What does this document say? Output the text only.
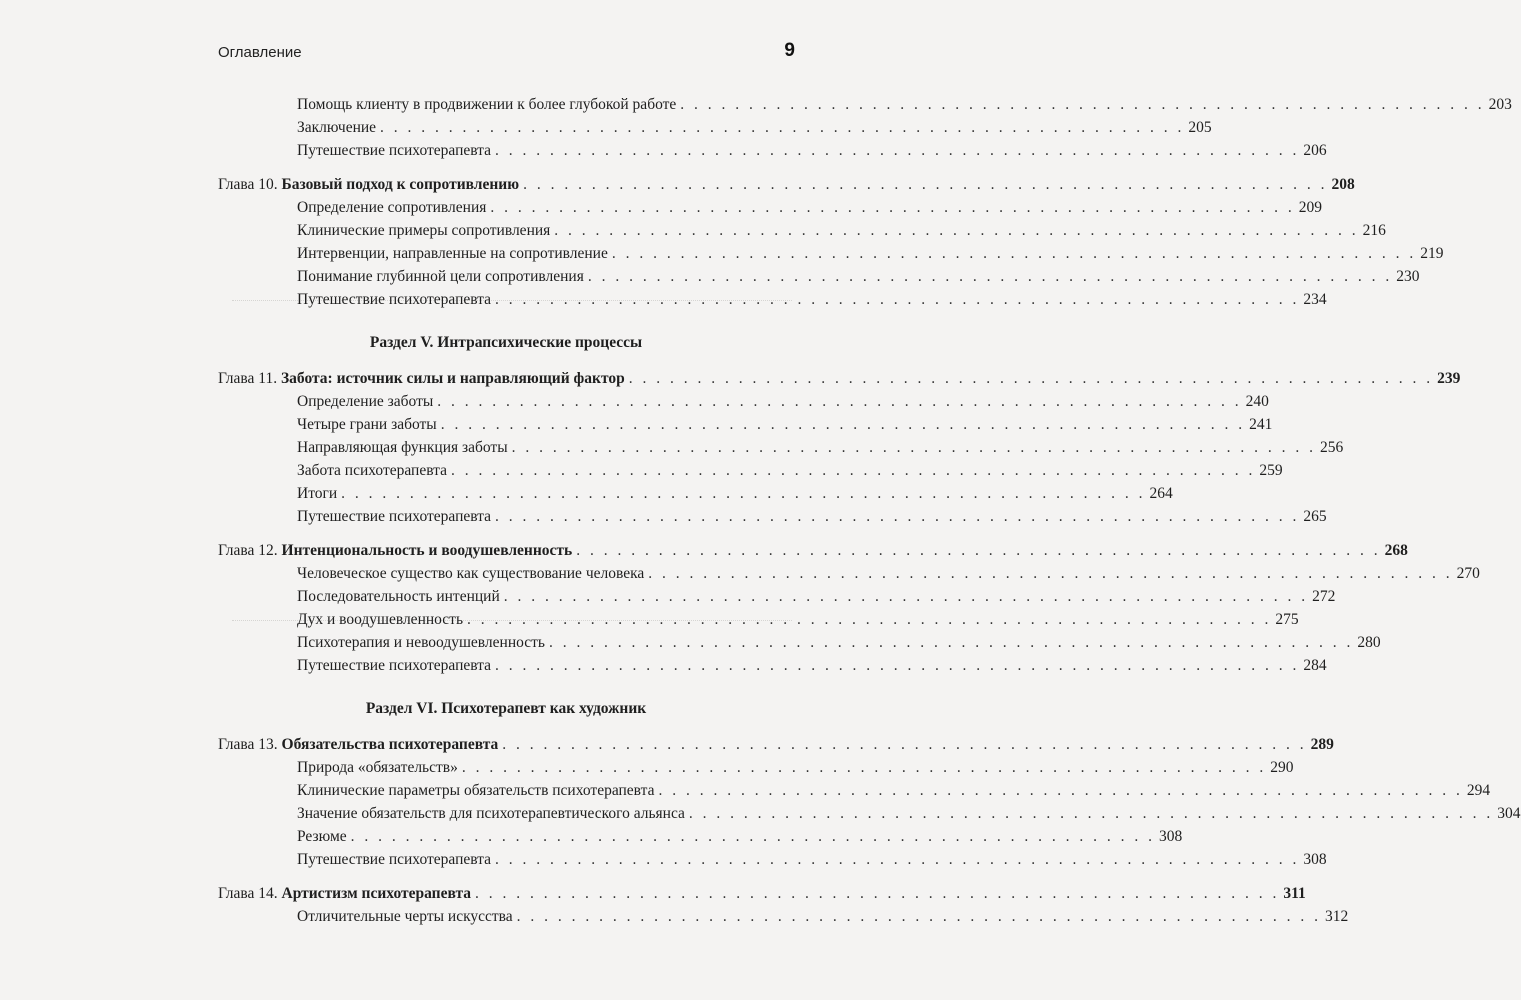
Оглавление	9
Помощь клиенту в продвижении к более глубокой работе . . . . . . . . . . . . . . . . . . . . . . . . . . . . . . . . . . . . . . . . . . . . . . . . . . . . . . . . . . . 203
Заключение . . . . . . . . . . . . . . . . . . . . . . . . . . . . . . . . . . . . . . . . . . . . . . . . . . . . . . . . . . . 205
Путешествие психотерапевта . . . . . . . . . . . . . . . . . . . . . . . . . . . . . . . . . . . . . . . . . . . . . . . . . . . . . . . . . . . 206
Глава 10.
Базовый подход к сопротивлению . . . . . . . . . . . . . . . . . . . . . . . . . . . . . . . . . . . . . . . . . . . . . . . . . . . . . . . . . . . 208
Определение сопротивления . . . . . . . . . . . . . . . . . . . . . . . . . . . . . . . . . . . . . . . . . . . . . . . . . . . . . . . . . . . 209
Клинические примеры сопротивления . . . . . . . . . . . . . . . . . . . . . . . . . . . . . . . . . . . . . . . . . . . . . . . . . . . . . . . . . . . 216
Интервенции, направленные на сопротивление . . . . . . . . . . . . . . . . . . . . . . . . . . . . . . . . . . . . . . . . . . . . . . . . . . . . . . . . . . . 219
Понимание глубинной цели сопротивления . . . . . . . . . . . . . . . . . . . . . . . . . . . . . . . . . . . . . . . . . . . . . . . . . . . . . . . . . . . 230
Путешествие психотерапевта . . . . . . . . . . . . . . . . . . . . . . . . . . . . . . . . . . . . . . . . . . . . . . . . . . . . . . . . . . . 234
Раздел V. Интрапсихические процессы
Глава 11.
Забота: источник силы и направляющий фактор . . . . . . . . . . . . . . . . . . . . . . . . . . . . . . . . . . . . . . . . . . . . . . . . . . . . . . . . . . . 239
Определение заботы . . . . . . . . . . . . . . . . . . . . . . . . . . . . . . . . . . . . . . . . . . . . . . . . . . . . . . . . . . . 240
Четыре грани заботы . . . . . . . . . . . . . . . . . . . . . . . . . . . . . . . . . . . . . . . . . . . . . . . . . . . . . . . . . . . 241
Направляющая функция заботы . . . . . . . . . . . . . . . . . . . . . . . . . . . . . . . . . . . . . . . . . . . . . . . . . . . . . . . . . . . 256
Забота психотерапевта . . . . . . . . . . . . . . . . . . . . . . . . . . . . . . . . . . . . . . . . . . . . . . . . . . . . . . . . . . . 259
Итоги . . . . . . . . . . . . . . . . . . . . . . . . . . . . . . . . . . . . . . . . . . . . . . . . . . . . . . . . . . . 264
Путешествие психотерапевта . . . . . . . . . . . . . . . . . . . . . . . . . . . . . . . . . . . . . . . . . . . . . . . . . . . . . . . . . . . 265
Глава 12.
Интенциональность и воодушевленность . . . . . . . . . . . . . . . . . . . . . . . . . . . . . . . . . . . . . . . . . . . . . . . . . . . . . . . . . . . 268
Человеческое существо как существование человека . . . . . . . . . . . . . . . . . . . . . . . . . . . . . . . . . . . . . . . . . . . . . . . . . . . . . . . . . . . 270
Последовательность интенций . . . . . . . . . . . . . . . . . . . . . . . . . . . . . . . . . . . . . . . . . . . . . . . . . . . . . . . . . . . 272
Дух и воодушевленность . . . . . . . . . . . . . . . . . . . . . . . . . . . . . . . . . . . . . . . . . . . . . . . . . . . . . . . . . . . 275
Психотерапия и невоодушевленность . . . . . . . . . . . . . . . . . . . . . . . . . . . . . . . . . . . . . . . . . . . . . . . . . . . . . . . . . . . 280
Путешествие психотерапевта . . . . . . . . . . . . . . . . . . . . . . . . . . . . . . . . . . . . . . . . . . . . . . . . . . . . . . . . . . . 284
Раздел VI. Психотерапевт как художник
Глава 13.
Обязательства психотерапевта . . . . . . . . . . . . . . . . . . . . . . . . . . . . . . . . . . . . . . . . . . . . . . . . . . . . . . . . . . . 289
Природа «обязательств» . . . . . . . . . . . . . . . . . . . . . . . . . . . . . . . . . . . . . . . . . . . . . . . . . . . . . . . . . . . 290
Клинические параметры обязательств психотерапевта . . . . . . . . . . . . . . . . . . . . . . . . . . . . . . . . . . . . . . . . . . . . . . . . . . . . . . . . . . . 294
Значение обязательств для психотерапевтического альянса . . . . . . . . . . . . . . . . . . . . . . . . . . . . . . . . . . . . . . . . . . . . . . . . . . . . . . . . . . . 304
Резюме . . . . . . . . . . . . . . . . . . . . . . . . . . . . . . . . . . . . . . . . . . . . . . . . . . . . . . . . . . . 308
Путешествие психотерапевта . . . . . . . . . . . . . . . . . . . . . . . . . . . . . . . . . . . . . . . . . . . . . . . . . . . . . . . . . . . 308
Глава 14.
Артистизм психотерапевта . . . . . . . . . . . . . . . . . . . . . . . . . . . . . . . . . . . . . . . . . . . . . . . . . . . . . . . . . . . 311
Отличительные черты искусства . . . . . . . . . . . . . . . . . . . . . . . . . . . . . . . . . . . . . . . . . . . . . . . . . . . . . . . . . . . 312
